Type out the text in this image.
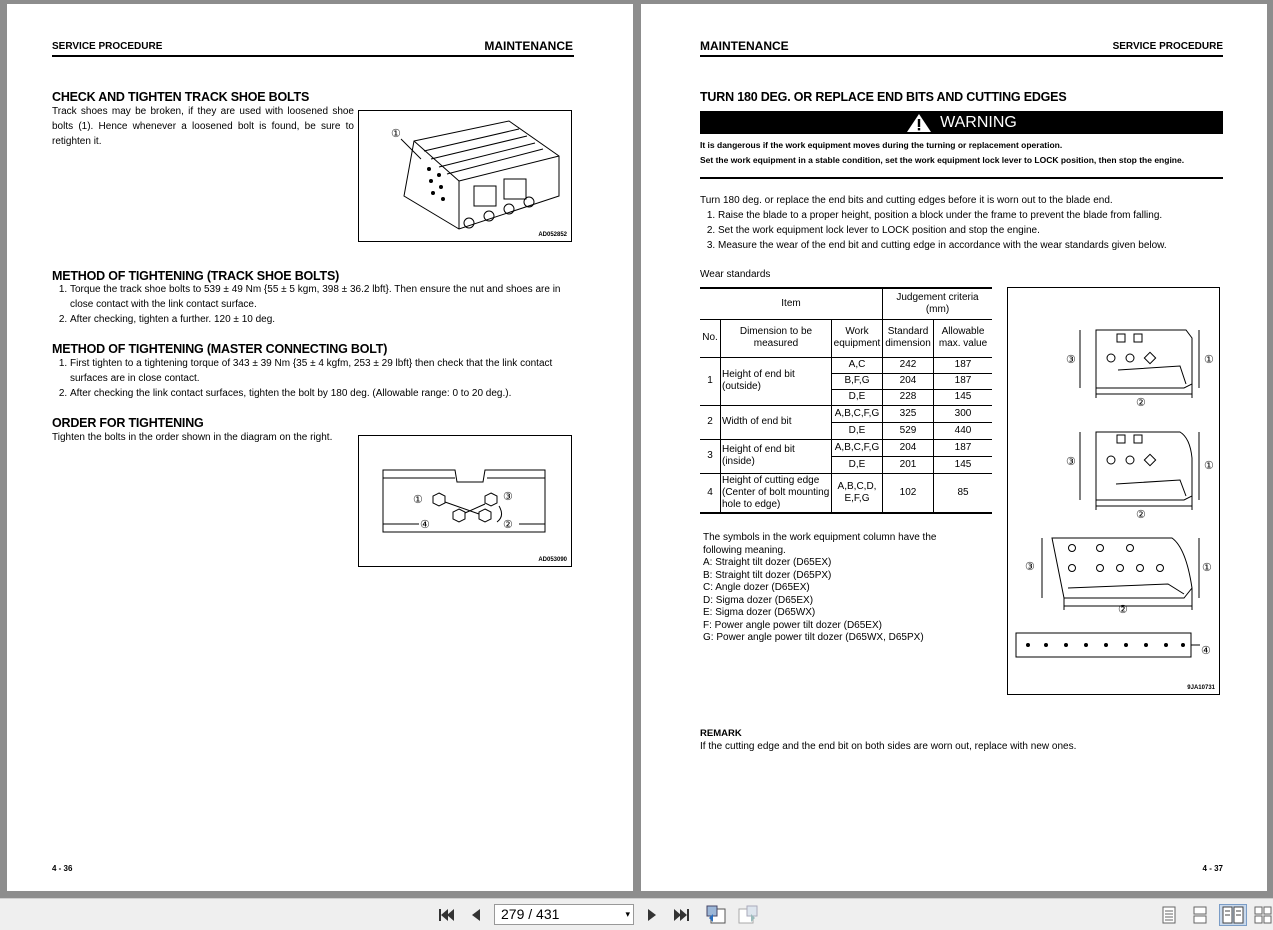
SERVICE PROCEDURE	MAINTENANCE
CHECK AND TIGHTEN TRACK SHOE BOLTS
Track shoes may be broken, if they are used with loosened shoe bolts (1). Hence whenever a loosened bolt is found, be sure to retighten it.
①
AD052852
METHOD OF TIGHTENING (TRACK SHOE BOLTS)
1. Torque the track shoe bolts to 539 ± 49 Nm {55 ± 5 kgm, 398 ± 36.2 lbft}. Then ensure the nut and shoes are in close contact with the link contact surface.
2. After checking, tighten a further. 120 ± 10 deg.
METHOD OF TIGHTENING (MASTER CONNECTING BOLT)
1. First tighten to a tightening torque of 343 ± 39 Nm {35 ± 4 kgfm, 253 ± 29 lbft} then check that the link contact surfaces are in close contact.
2. After checking the link contact surfaces, tighten the bolt by 180 deg. (Allowable range: 0 to 20 deg.).
ORDER FOR TIGHTENING
Tighten the bolts in the order shown in the diagram on the right.
①
②
③
④
AD053090
4 - 36
MAINTENANCE	SERVICE PROCEDURE
TURN 180 DEG. OR REPLACE END BITS AND CUTTING EDGES
WARNING
It is dangerous if the work equipment moves during the turning or replacement operation.
Set the work equipment in a stable condition, set the work equipment lock lever to LOCK position, then stop the engine.
Turn 180 deg. or replace the end bits and cutting edges before it is worn out to the blade end.
1. Raise the blade to a proper height, position a block under the frame to prevent the blade from falling.
2. Set the work equipment lock lever to LOCK position and stop the engine.
3. Measure the wear of the end bit and cutting edge in accordance with the wear standards given below.
Wear standards
Item			Judgement criteria (mm)	
No.	Dimension to be measured	Work equipment	Standard dimension	Allowable max. value
1	Height of end bit (outside)	A,C	242	187
		B,F,G	204	187
		D,E	228	145
2	Width of end bit	A,B,C,F,G	325	300
		D,E	529	440
3	Height of end bit (inside)	A,B,C,F,G	204	187
		D,E	201	145
4	Height of cutting edge (Center of bolt mounting hole to edge)	A,B,C,D, E,F,G	102	85
The symbols in the work equipment column have the following meaning.
A: Straight tilt dozer (D65EX)
B: Straight tilt dozer (D65PX)
C: Angle dozer (D65EX)
D: Sigma dozer (D65EX)
E: Sigma dozer (D65WX)
F: Power angle power tilt dozer (D65EX)
G: Power angle power tilt dozer (D65WX, D65PX)
①
②
③
①
②
③
①
②
③
④
9JA10731
REMARK
If the cutting edge and the end bit on both sides are worn out, replace with new ones.
4 - 37
279 / 431	▾
